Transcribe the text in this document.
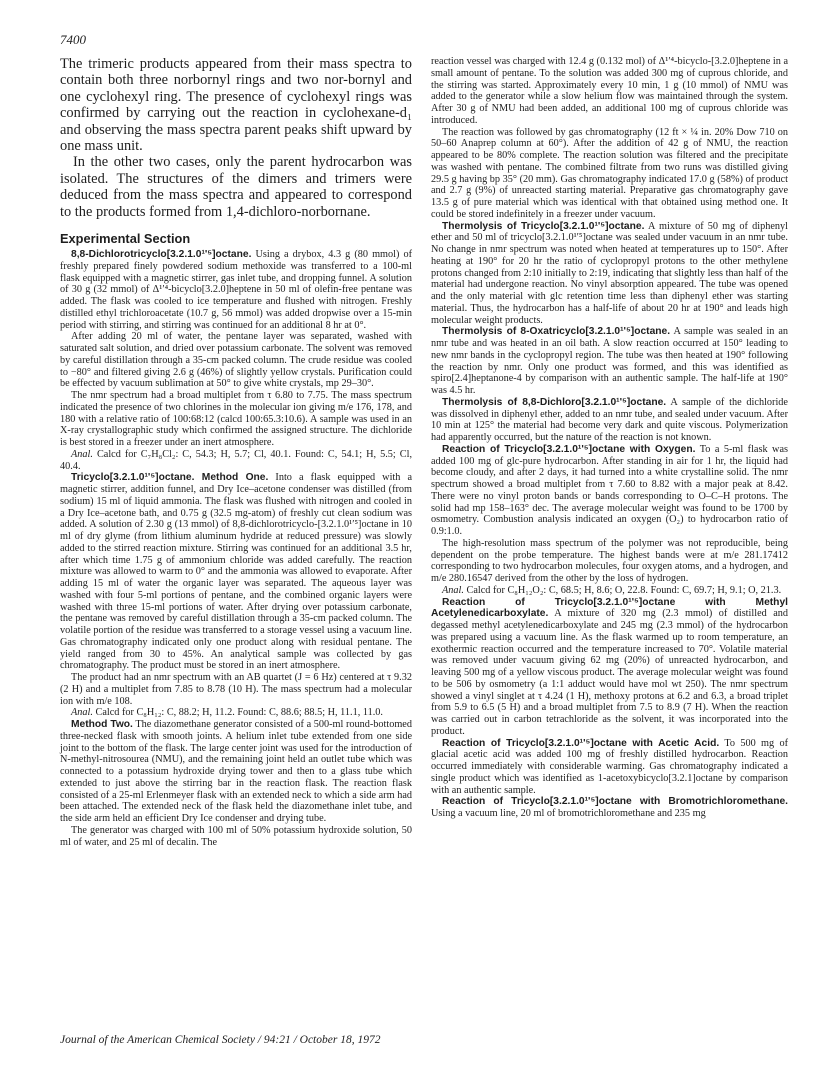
7400

The trimeric products appeared from their mass spectra to contain both three norbornyl rings and two nor-bornyl and one cyclohexyl ring. The presence of cyclohexyl rings was confirmed by carrying out the reaction in cyclohexane-d₁ and observing the mass spectra parent peaks shift upward by one mass unit.

In the other two cases, only the parent hydrocarbon was isolated. The structures of the dimers and trimers were deduced from the mass spectra and appeared to correspond to the products formed from 1,4-dichloro-norbornane.

Experimental Section

8,8-Dichlorotricyclo[3.2.1.0¹ʹ⁵]octane. Using a drybox, 4.3 g (80 mmol) of freshly prepared finely powdered sodium methoxide was transferred to a 100-ml flask equipped with a magnetic stirrer, gas inlet tube, and dropping funnel. A solution of 30 g (32 mmol) of Δ¹ʹ⁴-bicyclo[3.2.0]heptene in 50 ml of olefin-free pentane was added. The flask was cooled to ice temperature and flushed with nitrogen. Freshly distilled ethyl trichloroacetate (10.7 g, 56 mmol) was added dropwise over a 15-min period with stirring, and stirring was continued for an additional 8 hr at 0°.

After adding 20 ml of water, the pentane layer was separated, washed with saturated salt solution, and dried over potassium carbonate. The solvent was removed by careful distillation through a 35-cm packed column. The crude residue was cooled to −80° and filtered giving 2.6 g (46%) of slightly yellow crystals. Purification could be effected by vacuum sublimation at 50° to give white crystals, mp 29–30°.

The nmr spectrum had a broad multiplet from τ 6.80 to 7.75. The mass spectrum indicated the presence of two chlorines in the molecular ion giving m/e 176, 178, and 180 with a relative ratio of 100:68:12 (calcd 100:65.3:10.6). A sample was used in an X-ray crystallographic study which confirmed the assigned structure. The dichloride is best stored in a freezer under an inert atmosphere.

Anal. Calcd for C₇H₈Cl₂: C, 54.3; H, 5.7; Cl, 40.1. Found: C, 54.1; H, 5.5; Cl, 40.4.

Tricyclo[3.2.1.0¹ʹ⁵]octane. Method One. Into a flask equipped with a magnetic stirrer, addition funnel, and Dry Ice–acetone condenser was distilled (from sodium) 15 ml of liquid ammonia. The flask was flushed with nitrogen and cooled in a Dry Ice–acetone bath, and 0.75 g (32.5 mg-atom) of freshly cut clean sodium was added. A solution of 2.30 g (13 mmol) of 8,8-dichlorotricyclo-[3.2.1.0¹ʹ⁵]octane in 10 ml of dry glyme (from lithium aluminum hydride at reduced pressure) was slowly added to the stirred reaction mixture. Stirring was continued for an additional 3.5 hr, after which time 1.75 g of ammonium chloride was added carefully. The reaction mixture was allowed to warm to 0° and the ammonia was allowed to evaporate. After adding 15 ml of water the organic layer was separated. The aqueous layer was washed with four 5-ml portions of pentane, and the combined organic layers were washed with three 15-ml portions of water. After drying over potassium carbonate, the pentane was removed by careful distillation through a 35-cm packed column. The volatile portion of the residue was transferred to a storage vessel using a vacuum line. Gas chromatography indicated only one product along with residual pentane. The yield ranged from 30 to 45%. An analytical sample was collected by gas chromatography. The product must be stored in an inert atmosphere.

The product had an nmr spectrum with an AB quartet (J = 6 Hz) centered at τ 9.32 (2 H) and a multiplet from 7.85 to 8.78 (10 H). The mass spectrum had a molecular ion with m/e 108.

Anal. Calcd for C₈H₁₂: C, 88.2; H, 11.2. Found: C, 88.6; 88.5; H, 11.1, 11.0.

Method Two. The diazomethane generator consisted of a 500-ml round-bottomed three-necked flask with smooth joints. A helium inlet tube extended from one side joint to the bottom of the flask. The large center joint was used for the introduction of N-methyl-nitrosourea (NMU), and the remaining joint held an outlet tube which was connected to a potassium hydroxide drying tower and then to a glass tube which extended to just above the stirring bar in the reaction flask. The reaction flask consisted of a 25-ml Erlenmeyer flask with an extended neck to which a side arm had been attached. The extended neck of the flask held the diazomethane inlet tube, and the side arm held an efficient Dry Ice condenser and drying tube.

The generator was charged with 100 ml of 50% potassium hydroxide solution, 50 ml of water, and 25 ml of decalin. The

reaction vessel was charged with 12.4 g (0.132 mol) of Δ¹ʹ⁴-bicyclo-[3.2.0]heptene in a small amount of pentane. To the solution was added 300 mg of cuprous chloride, and the stirring was started. Approximately every 10 min, 1 g (10 mmol) of NMU was added to the generator while a slow helium flow was maintained through the system. After 30 g of NMU had been added, an additional 100 mg of cuprous chloride was introduced.

The reaction was followed by gas chromatography (12 ft × ¼ in. 20% Dow 710 on 50–60 Anaprep column at 60°). After the addition of 42 g of NMU, the reaction appeared to be 80% complete. The reaction solution was filtered and the precipitate was washed with pentane. The combined filtrate from two runs was distilled giving 29.5 g having bp 35° (20 mm). Gas chromatography indicated 17.0 g (58%) of product and 2.7 g (9%) of unreacted starting material. Preparative gas chromatography gave 13.5 g of pure material which was identical with that obtained using method one. It could be stored indefinitely in a freezer under vacuum.

Thermolysis of Tricyclo[3.2.1.0¹ʹ⁵]octane. A mixture of 50 mg of diphenyl ether and 50 ml of tricyclo[3.2.1.0¹ʹ⁵]octane was sealed under vacuum in an nmr tube. No change in nmr spectrum was noted when heated at temperatures up to 150°. After heating at 190° for 20 hr the ratio of cyclopropyl protons to the other methylene protons changed from 2:10 initially to 2:19, indicating that slightly less than half of the material had undergone reaction. No vinyl absorption appeared. The tube was opened and the only material with glc retention time less than diphenyl ether was starting material. Thus, the hydrocarbon has a half-life of about 20 hr at 190° and leads high molecular weight products.

Thermolysis of 8-Oxatricyclo[3.2.1.0¹ʹ⁵]octane. A sample was sealed in an nmr tube and was heated in an oil bath. A slow reaction occurred at 150° leading to new nmr bands in the cyclopropyl region. The tube was then heated at 190° following the reaction by nmr. Only one product was formed, and this was identified as spiro[2.4]heptanone-4 by comparison with an authentic sample. The half-life at 190° was 4.5 hr.

Thermolysis of 8,8-Dichloro[3.2.1.0¹ʹ⁵]octane. A sample of the dichloride was dissolved in diphenyl ether, added to an nmr tube, and sealed under vacuum. After 10 min at 125° the material had become very dark and quite viscous. Polymerization had apparently occurred, but the nature of the reaction is not known.

Reaction of Tricyclo[3.2.1.0¹ʹ⁵]octane with Oxygen. To a 5-ml flask was added 100 mg of glc-pure hydrocarbon. After standing in air for 1 hr, the liquid had become cloudy, and after 2 days, it had turned into a white crystalline solid. The nmr spectrum showed a broad multiplet from τ 7.60 to 8.82 with a major peak at 8.42. There were no vinyl proton bands or bands corresponding to O–C–H protons. The solid had mp 158–163° dec. The average molecular weight was found to be 1700 by osmometry. Combustion analysis indicated an oxygen (O₂) to hydrocarbon ratio of 0.9:1.0.

The high-resolution mass spectrum of the polymer was not reproducible, being dependent on the probe temperature. The highest bands were at m/e 281.17412 corresponding to two hydrocarbon molecules, four oxygen atoms, and a hydrogen, and m/e 280.16547 derived from the other by the loss of hydrogen.

Anal. Calcd for C₈H₁₂O₂: C, 68.5; H, 8.6; O, 22.8. Found: C, 69.7; H, 9.1; O, 21.3.

Reaction of Tricyclo[3.2.1.0¹ʹ⁵]octane with Methyl Acetylenedicarboxylate. A mixture of 320 mg (2.3 mmol) of distilled and degassed methyl acetylenedicarboxylate and 245 mg (2.3 mmol) of the hydrocarbon was prepared using a vacuum line. As the flask warmed up to room temperature, an exothermic reaction occurred and the temperature increased to 70°. Volatile material was removed under vacuum giving 62 mg (20%) of unreacted hydrocarbon, and leaving 500 mg of a yellow viscous product. The average molecular weight was found to be 506 by osmometry (a 1:1 adduct would have mol wt 250). The nmr spectrum showed a vinyl singlet at τ 4.24 (1 H), methoxy protons at 6.2 and 6.3, a broad triplet from 5.9 to 6.5 (5 H) and a broad multiplet from 7.5 to 8.9 (7 H). When the reaction was carried out in carbon tetrachloride as the solvent, it was incorporated into the product.

Reaction of Tricyclo[3.2.1.0¹ʹ⁵]octane with Acetic Acid. To 500 mg of glacial acetic acid was added 100 mg of freshly distilled hydrocarbon. Reaction occurred immediately with considerable warming. Gas chromatography indicated a single product which was identified as 1-acetoxybicyclo[3.2.1]octane by comparison with an authentic sample.

Reaction of Tricyclo[3.2.1.0¹ʹ⁵]octane with Bromotrichloromethane. Using a vacuum line, 20 ml of bromotrichloromethane and 235 mg

Journal of the American Chemical Society / 94:21 / October 18, 1972
